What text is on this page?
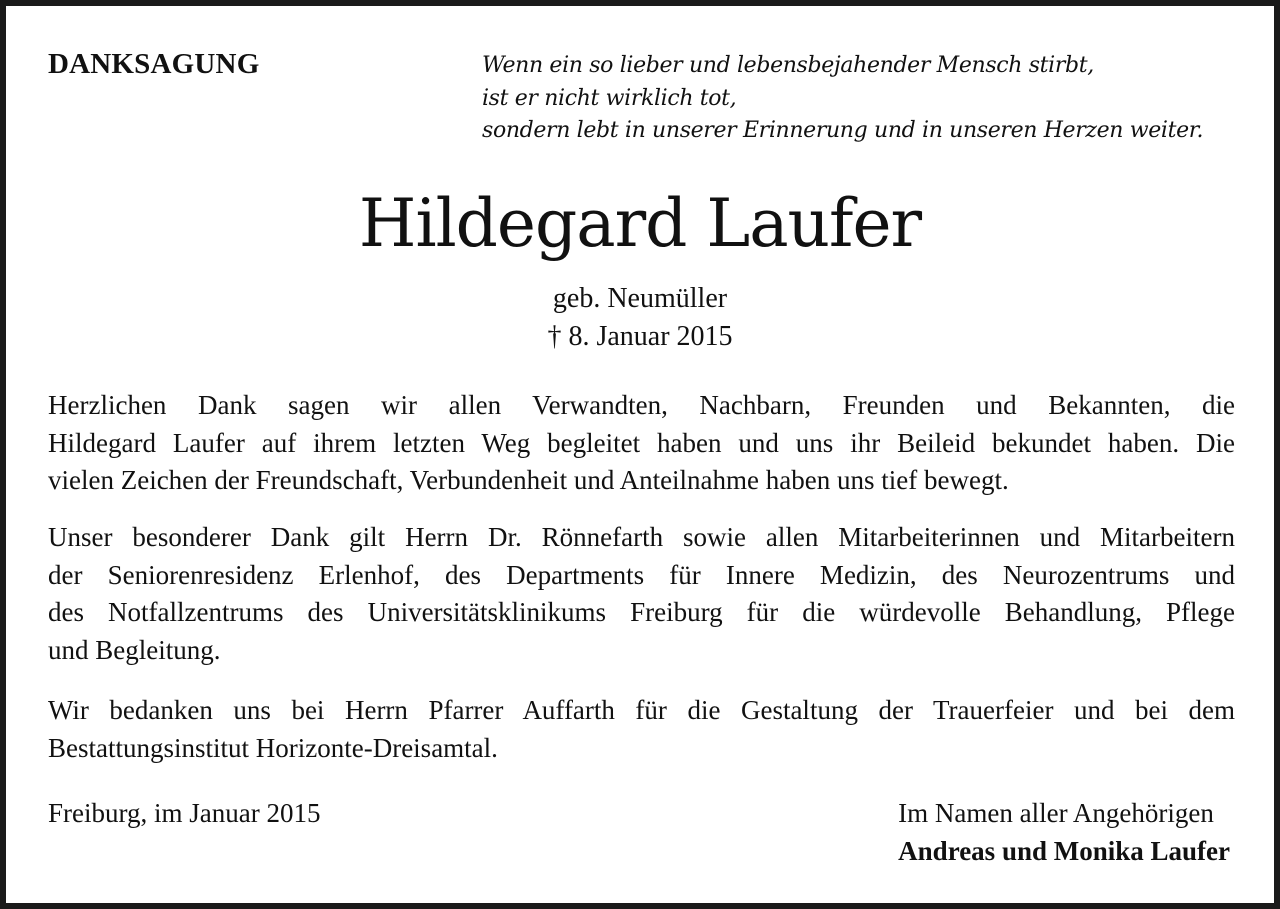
DANKSAGUNG	Wenn ein so lieber und lebensbejahender Mensch stirbt,
ist er nicht wirklich tot,
sondern lebt in unserer Erinnerung und in unseren Herzen weiter.
Hildegard Laufer
geb. Neumüller
† 8. Januar 2015
Herzlichen Dank sagen wir allen Verwandten, Nachbarn, Freunden und Bekannten, die
Hildegard Laufer auf ihrem letzten Weg begleitet haben und uns ihr Beileid bekundet haben. Die
vielen Zeichen der Freundschaft, Verbundenheit und Anteilnahme haben uns tief bewegt.
Unser besonderer Dank gilt Herrn Dr. Rönnefarth sowie allen Mitarbeiterinnen und Mitarbeitern
der Seniorenresidenz Erlenhof, des Departments für Innere Medizin, des Neurozentrums und
des Notfallzentrums des Universitätsklinikums Freiburg für die würdevolle Behandlung, Pflege
und Begleitung.
Wir bedanken uns bei Herrn Pfarrer Auffarth für die Gestaltung der Trauerfeier und bei dem
Bestattungsinstitut Horizonte-Dreisamtal.
Freiburg, im Januar 2015	Im Namen aller Angehörigen
Andreas und Monika Laufer
